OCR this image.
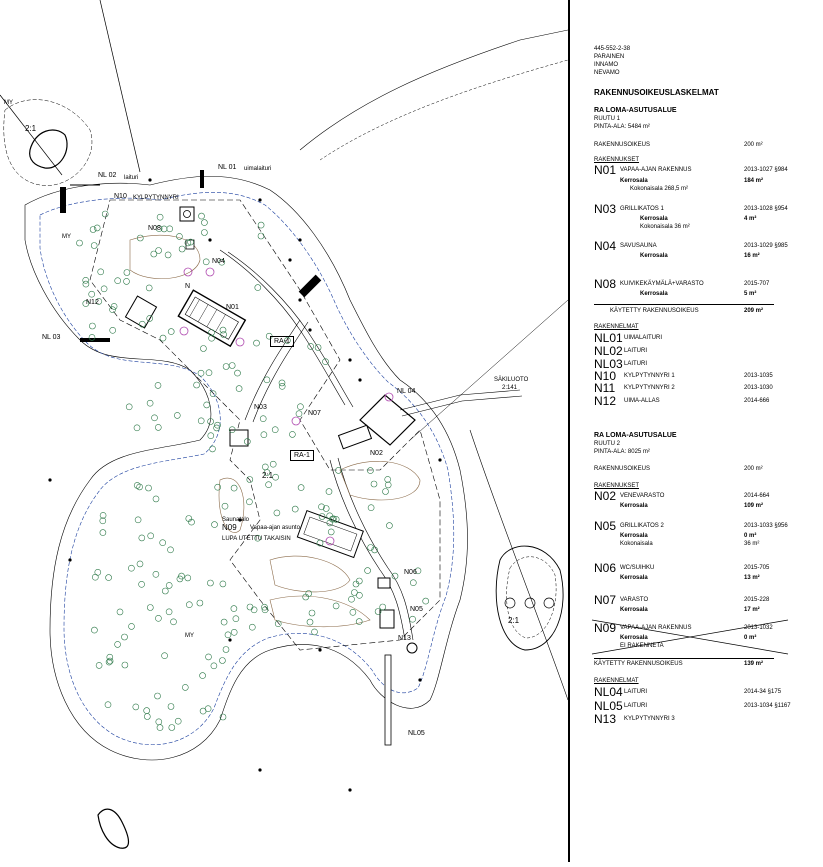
MY
2:1
NL 02 laituri
NL 01 uimalaituri
N10 KYLPYTYNNYRI
N08
MY
N04
N
N12
N01
RA-1
NL 03
N03
N07
RA-1
2:1
NL 04
SÄKILUOTO
2:141
N02
Saunatalo
N09 Vapaa-ajan asunto
LUPA UTETTU TAKAISIN
N06
MY
N05
N13
2:1
NL05
445-552-2-38
PARAINEN
INNAMO
NEVAMO
RAKENNUSOIKEUSLASKELMAT
RA LOMA-ASUTUSALUE
RUUTU 1
PINTA-ALA: 5484 m²
RAKENNUSOIKEUS	200 m²
RAKENNUKSET
N01 VAPAA-AJAN RAKENNUS	2013-1027 §984
Kerrosala	184 m²
Kokonaisala 268,5 m²
N03 GRILLIKATOS 1	2013-1028 §954
Kerrosala	4 m²
Kokonaisala 36 m²
N04 SAVUSAUNA	2013-1029 §985
Kerrosala	16 m²
N08 KUIVIKEKÄYMÄLÄ+VARASTO	2015-707
Kerrosala	5 m²
KÄYTETTY RAKENNUSOIKEUS	209 m²
RAKENNELMAT
NL01 UIMALAITURI
NL02 LAITURI
NL03 LAITURI
N10 KYLPYTYNNYRI 1	2013-1035
N11 KYLPYTYNNYRI 2	2013-1030
N12 UIMA-ALLAS	2014-666
RA LOMA-ASUTUSALUE
RUUTU 2
PINTA-ALA: 8025 m²
RAKENNUSOIKEUS	200 m²
RAKENNUKSET
N02 VENEVARASTO	2014-664
Kerrosala	109 m²
N05 GRILLIKATOS 2	2013-1033 §956
Kerrosala	0 m²
Kokonaisala	36 m²
N06 WC/SUIHKU	2015-705
Kerrosala	13 m²
N07 VARASTO	2015-228
Kerrosala	17 m²
N09 VAPAA-AJAN RAKENNUS	2013-1032
Kerrosala	0 m²
EI RAKENNETA
KÄYTETTY RAKENNUSOIKEUS	139 m²
RAKENNELMAT
NL04 LAITURI	2014-34 §175
NL05 LAITURI	2013-1034 §1167
N13 KYLPYTYNNYRI 3
